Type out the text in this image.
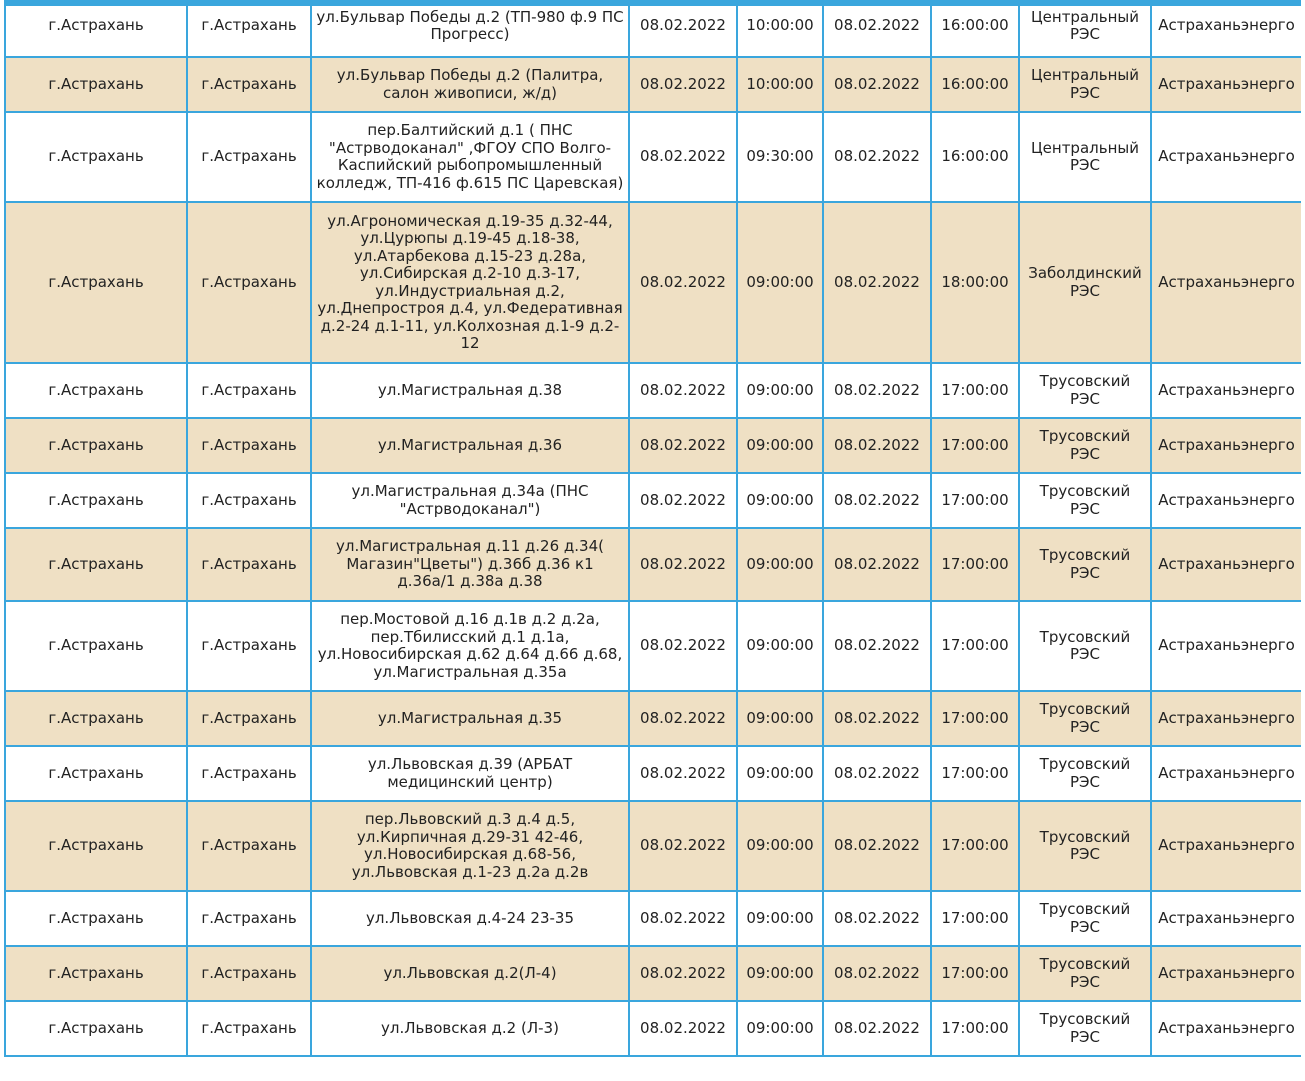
г.Астрахань	г.Астрахань	ул.Бульвар Победы д.2 (ТП-980 ф.9 ПС Прогресс)	08.02.2022	10:00:00	08.02.2022	16:00:00	Центральный РЭС	Астраханьэнерго
г.Астрахань	г.Астрахань	ул.Бульвар Победы д.2 (Палитра, салон живописи, ж/д)	08.02.2022	10:00:00	08.02.2022	16:00:00	Центральный РЭС	Астраханьэнерго
г.Астрахань	г.Астрахань	пер.Балтийский д.1 ( ПНС "Астрводоканал" ,ФГОУ СПО Волго-Каспийский рыбопромышленный колледж, ТП-416 ф.615 ПС Царевская)	08.02.2022	09:30:00	08.02.2022	16:00:00	Центральный РЭС	Астраханьэнерго
г.Астрахань	г.Астрахань	ул.Агрономическая д.19-35 д.32-44, ул.Цурюпы д.19-45 д.18-38, ул.Атарбекова д.15-23 д.28а, ул.Сибирская д.2-10 д.3-17, ул.Индустриальная д.2, ул.Днепростроя д.4, ул.Федеративная д.2-24 д.1-11, ул.Колхозная д.1-9 д.2-12	08.02.2022	09:00:00	08.02.2022	18:00:00	Заболдинский РЭС	Астраханьэнерго
г.Астрахань	г.Астрахань	ул.Магистральная д.38	08.02.2022	09:00:00	08.02.2022	17:00:00	Трусовский РЭС	Астраханьэнерго
г.Астрахань	г.Астрахань	ул.Магистральная д.36	08.02.2022	09:00:00	08.02.2022	17:00:00	Трусовский РЭС	Астраханьэнерго
г.Астрахань	г.Астрахань	ул.Магистральная д.34а (ПНС "Астрводоканал")	08.02.2022	09:00:00	08.02.2022	17:00:00	Трусовский РЭС	Астраханьэнерго
г.Астрахань	г.Астрахань	ул.Магистральная д.11 д.26 д.34( Магазин"Цветы") д.36б д.36 к1 д.36а/1 д.38а д.38	08.02.2022	09:00:00	08.02.2022	17:00:00	Трусовский РЭС	Астраханьэнерго
г.Астрахань	г.Астрахань	пер.Мостовой д.16 д.1в д.2 д.2а, пер.Тбилисский д.1 д.1а, ул.Новосибирская д.62 д.64 д.66 д.68, ул.Магистральная д.35а	08.02.2022	09:00:00	08.02.2022	17:00:00	Трусовский РЭС	Астраханьэнерго
г.Астрахань	г.Астрахань	ул.Магистральная д.35	08.02.2022	09:00:00	08.02.2022	17:00:00	Трусовский РЭС	Астраханьэнерго
г.Астрахань	г.Астрахань	ул.Львовская д.39 (АРБАТ медицинский центр)	08.02.2022	09:00:00	08.02.2022	17:00:00	Трусовский РЭС	Астраханьэнерго
г.Астрахань	г.Астрахань	пер.Львовский д.3 д.4 д.5, ул.Кирпичная д.29-31 42-46, ул.Новосибирская д.68-56, ул.Львовская д.1-23 д.2а д.2в	08.02.2022	09:00:00	08.02.2022	17:00:00	Трусовский РЭС	Астраханьэнерго
г.Астрахань	г.Астрахань	ул.Львовская д.4-24 23-35	08.02.2022	09:00:00	08.02.2022	17:00:00	Трусовский РЭС	Астраханьэнерго
г.Астрахань	г.Астрахань	ул.Львовская д.2(Л-4)	08.02.2022	09:00:00	08.02.2022	17:00:00	Трусовский РЭС	Астраханьэнерго
г.Астрахань	г.Астрахань	ул.Львовская д.2 (Л-3)	08.02.2022	09:00:00	08.02.2022	17:00:00	Трусовский РЭС	Астраханьэнерго
